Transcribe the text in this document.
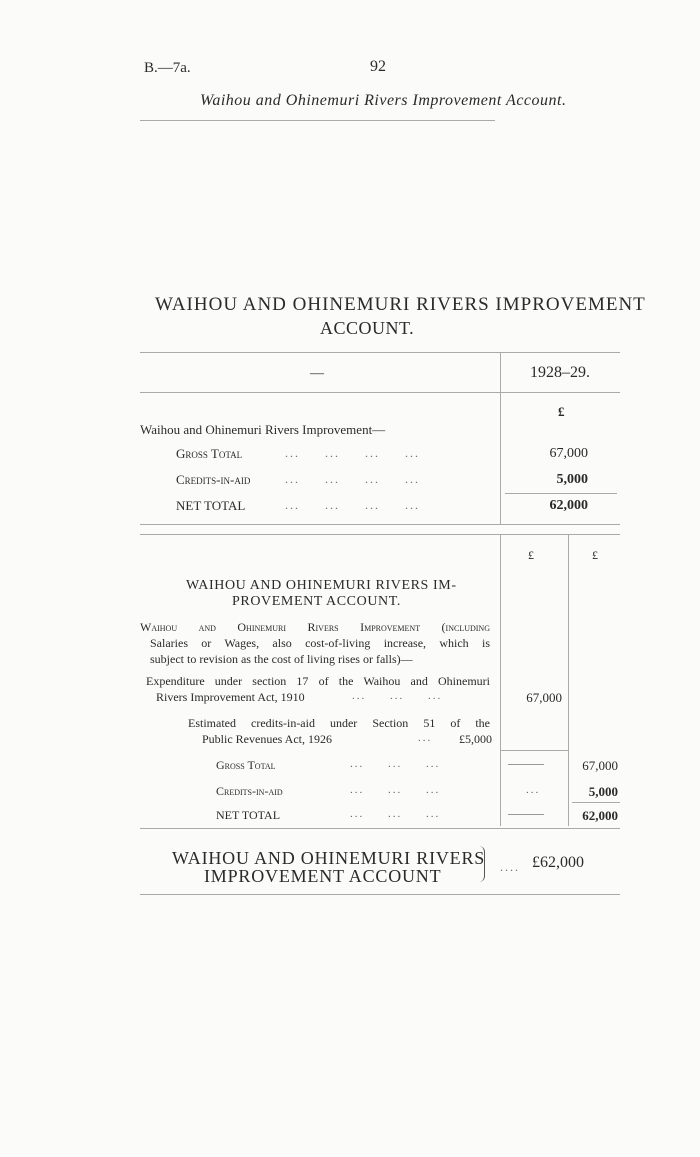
B.—7a.	92
Waihou and Ohinemuri Rivers Improvement Account.
WAIHOU AND OHINEMURI RIVERS IMPROVEMENT
ACCOUNT.
—	1928–29.
£
Waihou and Ohinemuri Rivers Improvement—
Gross Total	...     ...     ...     ...	67,000
Credits-in-aid	...     ...     ...     ...	5,000
NET TOTAL	...     ...     ...     ...	62,000
£	£
WAIHOU AND OHINEMURI RIVERS IM-
PROVEMENT ACCOUNT.
Waihou and Ohinemuri Rivers Improvement (including
Salaries or Wages, also cost-of-living increase, which is
subject to revision as the cost of living rises or falls)—
Expenditure under section 17 of the Waihou and Ohinemuri
Rivers Improvement Act, 1910	...     ...     ...	67,000
Estimated credits-in-aid under Section 51 of the
Public Revenues Act, 1926	...	£5,000
Gross Total	...     ...     ...	———	67,000
Credits-in-aid	...     ...     ...	...	5,000
NET TOTAL	...     ...     ...	———	62,000
WAIHOU AND OHINEMURI RIVERS
IMPROVEMENT ACCOUNT	.... £62,000
